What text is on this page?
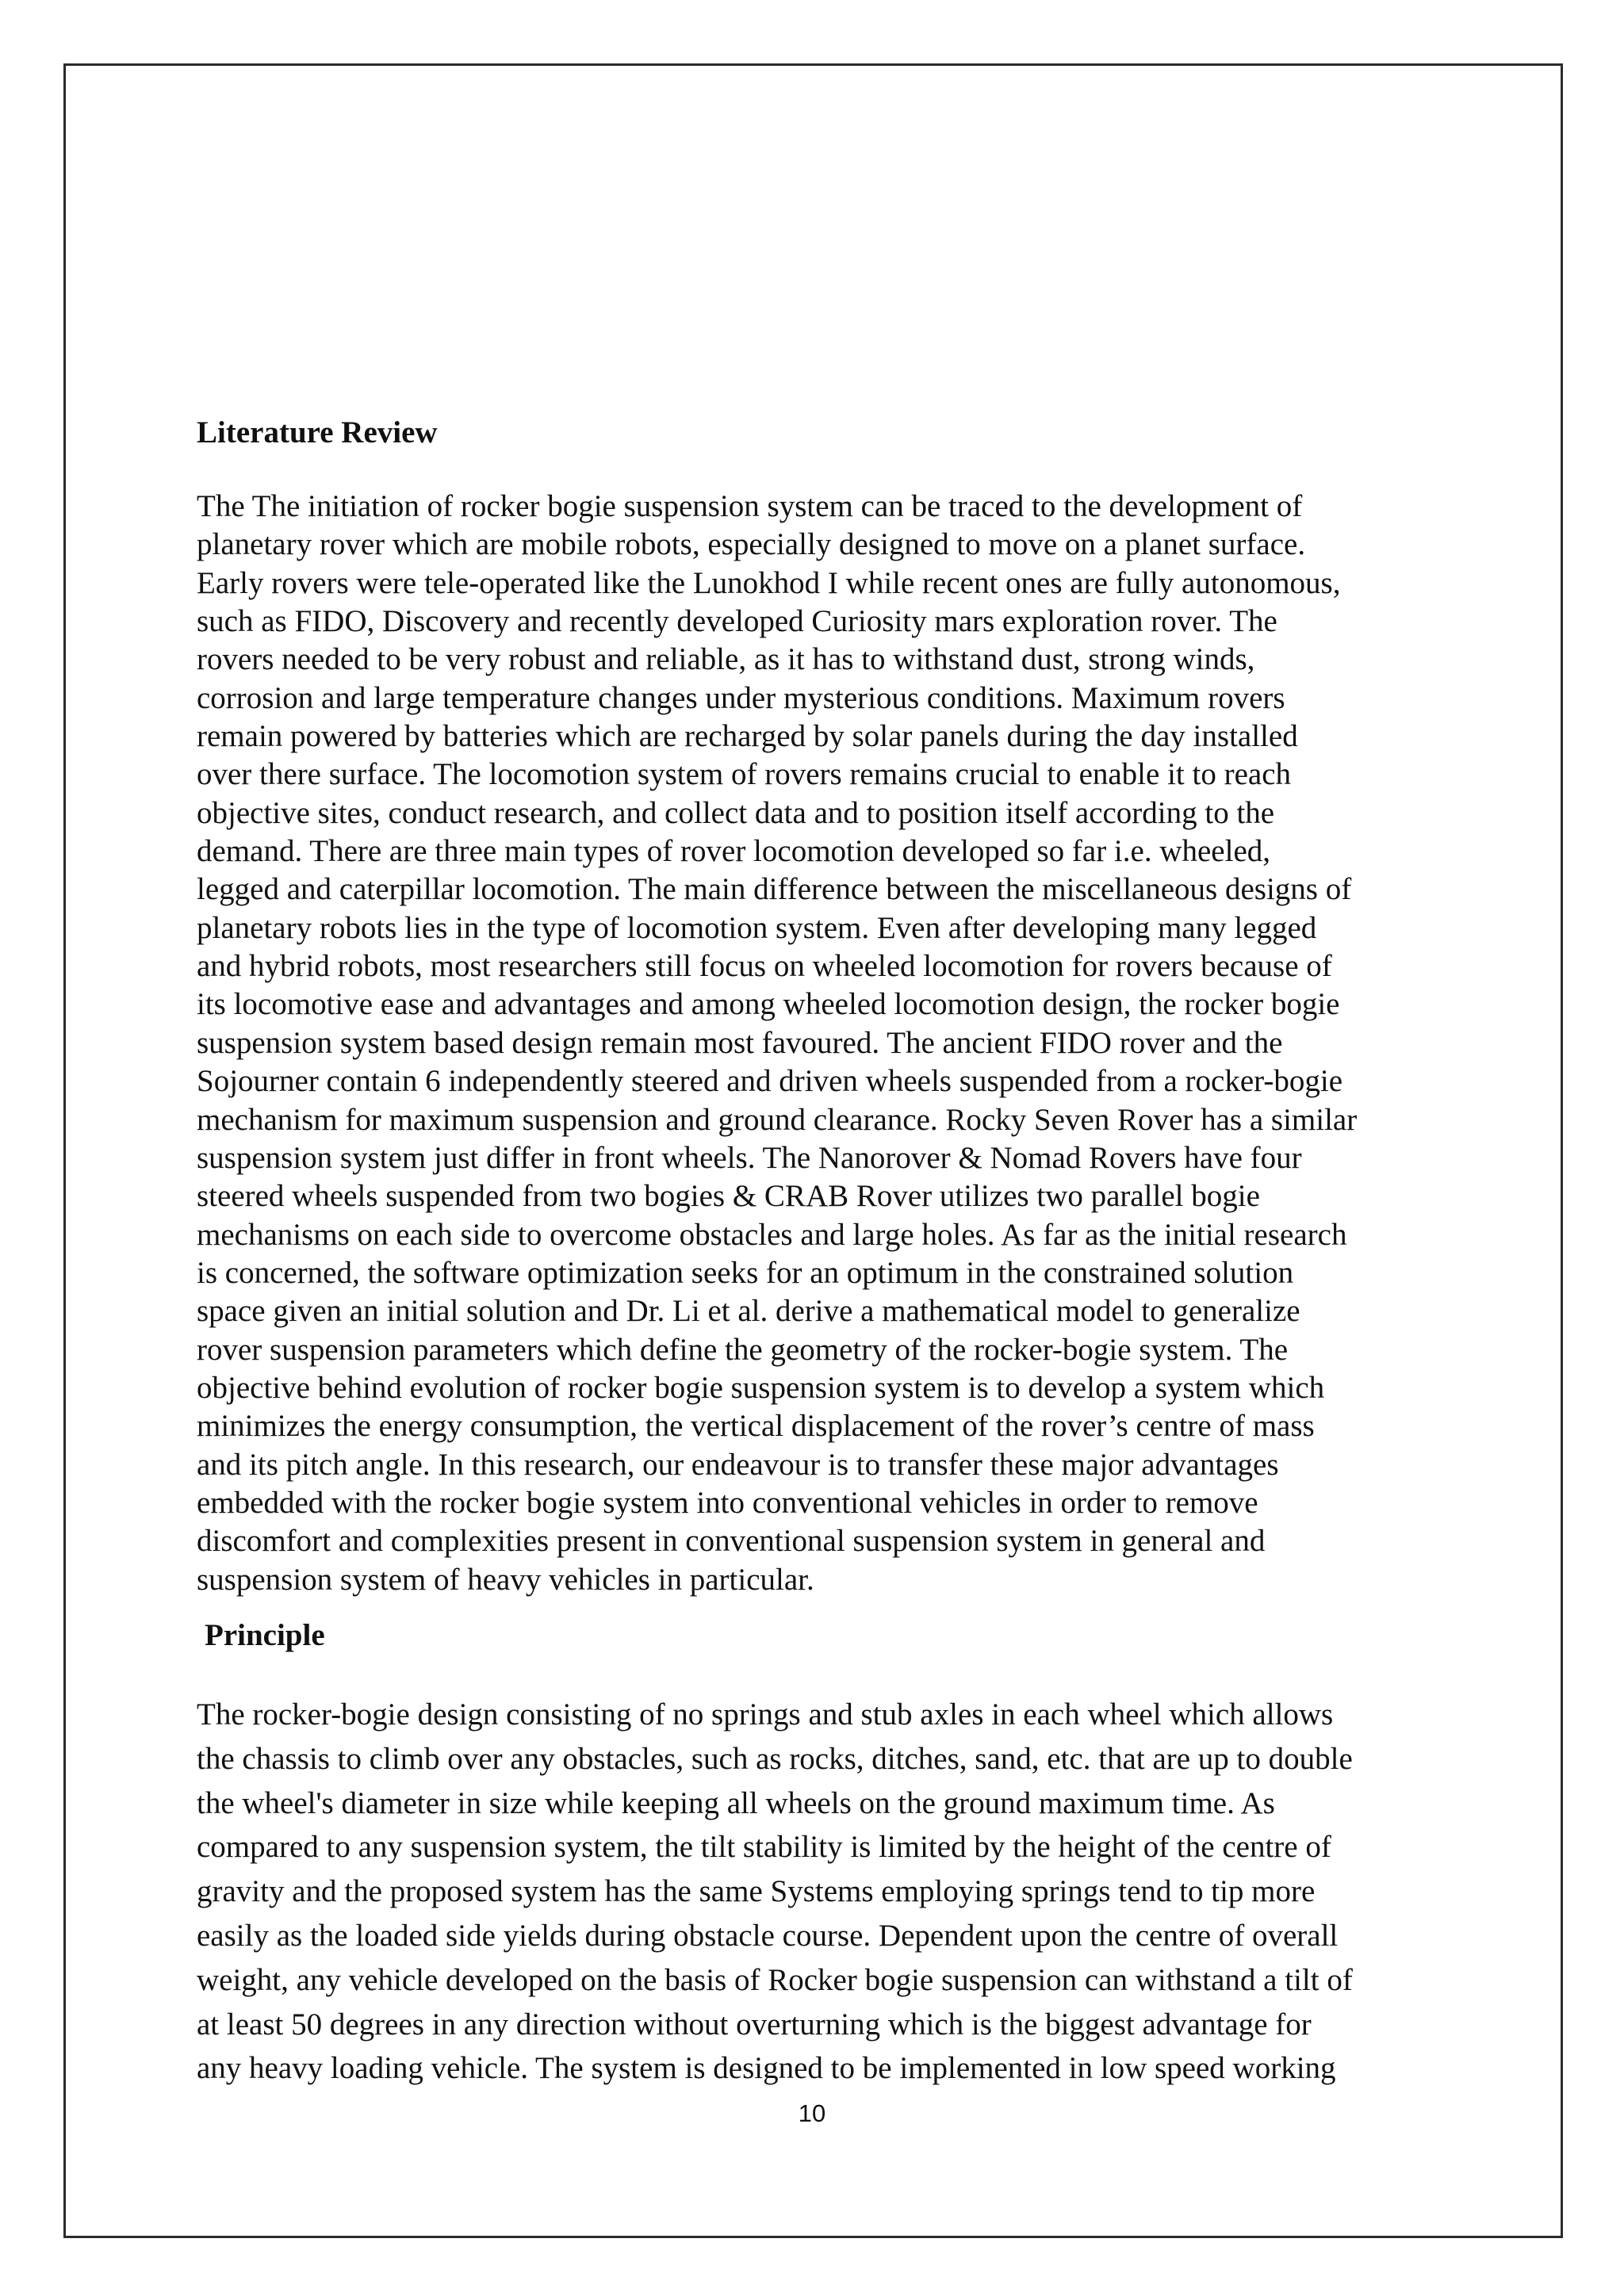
Literature Review

The The initiation of rocker bogie suspension system can be traced to the development of
planetary rover which are mobile robots, especially designed to move on a planet surface.
Early rovers were tele-operated like the Lunokhod I while recent ones are fully autonomous,
such as FIDO, Discovery and recently developed Curiosity mars exploration rover. The
rovers needed to be very robust and reliable, as it has to withstand dust, strong winds,
corrosion and large temperature changes under mysterious conditions. Maximum rovers
remain powered by batteries which are recharged by solar panels during the day installed
over there surface. The locomotion system of rovers remains crucial to enable it to reach
objective sites, conduct research, and collect data and to position itself according to the
demand. There are three main types of rover locomotion developed so far i.e. wheeled,
legged and caterpillar locomotion. The main difference between the miscellaneous designs of
planetary robots lies in the type of locomotion system. Even after developing many legged
and hybrid robots, most researchers still focus on wheeled locomotion for rovers because of
its locomotive ease and advantages and among wheeled locomotion design, the rocker bogie
suspension system based design remain most favoured. The ancient FIDO rover and the
Sojourner contain 6 independently steered and driven wheels suspended from a rocker-bogie
mechanism for maximum suspension and ground clearance. Rocky Seven Rover has a similar
suspension system just differ in front wheels. The Nanorover & Nomad Rovers have four
steered wheels suspended from two bogies & CRAB Rover utilizes two parallel bogie
mechanisms on each side to overcome obstacles and large holes. As far as the initial research
is concerned, the software optimization seeks for an optimum in the constrained solution
space given an initial solution and Dr. Li et al. derive a mathematical model to generalize
rover suspension parameters which define the geometry of the rocker-bogie system. The
objective behind evolution of rocker bogie suspension system is to develop a system which
minimizes the energy consumption, the vertical displacement of the rover’s centre of mass
and its pitch angle. In this research, our endeavour is to transfer these major advantages
embedded with the rocker bogie system into conventional vehicles in order to remove
discomfort and complexities present in conventional suspension system in general and
suspension system of heavy vehicles in particular.

Principle

The rocker-bogie design consisting of no springs and stub axles in each wheel which allows
the chassis to climb over any obstacles, such as rocks, ditches, sand, etc. that are up to double
the wheel's diameter in size while keeping all wheels on the ground maximum time. As
compared to any suspension system, the tilt stability is limited by the height of the centre of
gravity and the proposed system has the same Systems employing springs tend to tip more
easily as the loaded side yields during obstacle course. Dependent upon the centre of overall
weight, any vehicle developed on the basis of Rocker bogie suspension can withstand a tilt of
at least 50 degrees in any direction without overturning which is the biggest advantage for
any heavy loading vehicle. The system is designed to be implemented in low speed working

10
